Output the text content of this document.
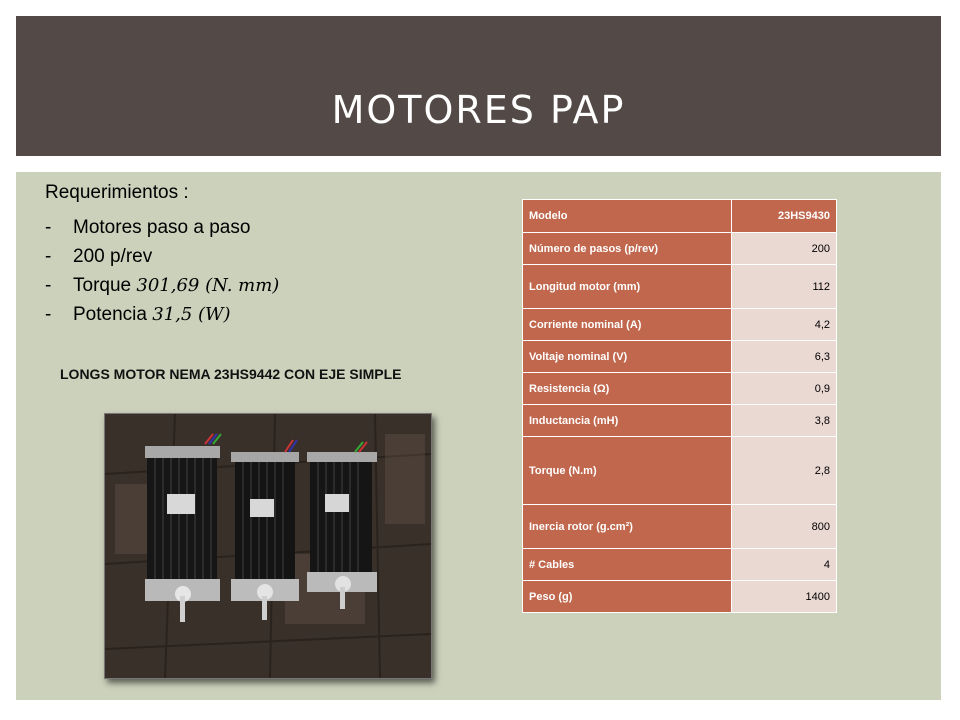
MOTORES PAP
Requerimientos :
- Motores paso a paso
- 200 p/rev
- Torque 301,69 (N. mm)
- Potencia 31,5 (W)
LONGS MOTOR NEMA 23HS9442 CON EJE SIMPLE
Modelo	23HS9430
Número de pasos (p/rev)	200
Longitud motor (mm)	112
Corriente nominal (A)	4,2
Voltaje nominal (V)	6,3
Resistencia (Ω)	0,9
Inductancia (mH)	3,8
Torque (N.m)	2,8
Inercia rotor (g.cm²)	800
# Cables	4
Peso (g)	1400
